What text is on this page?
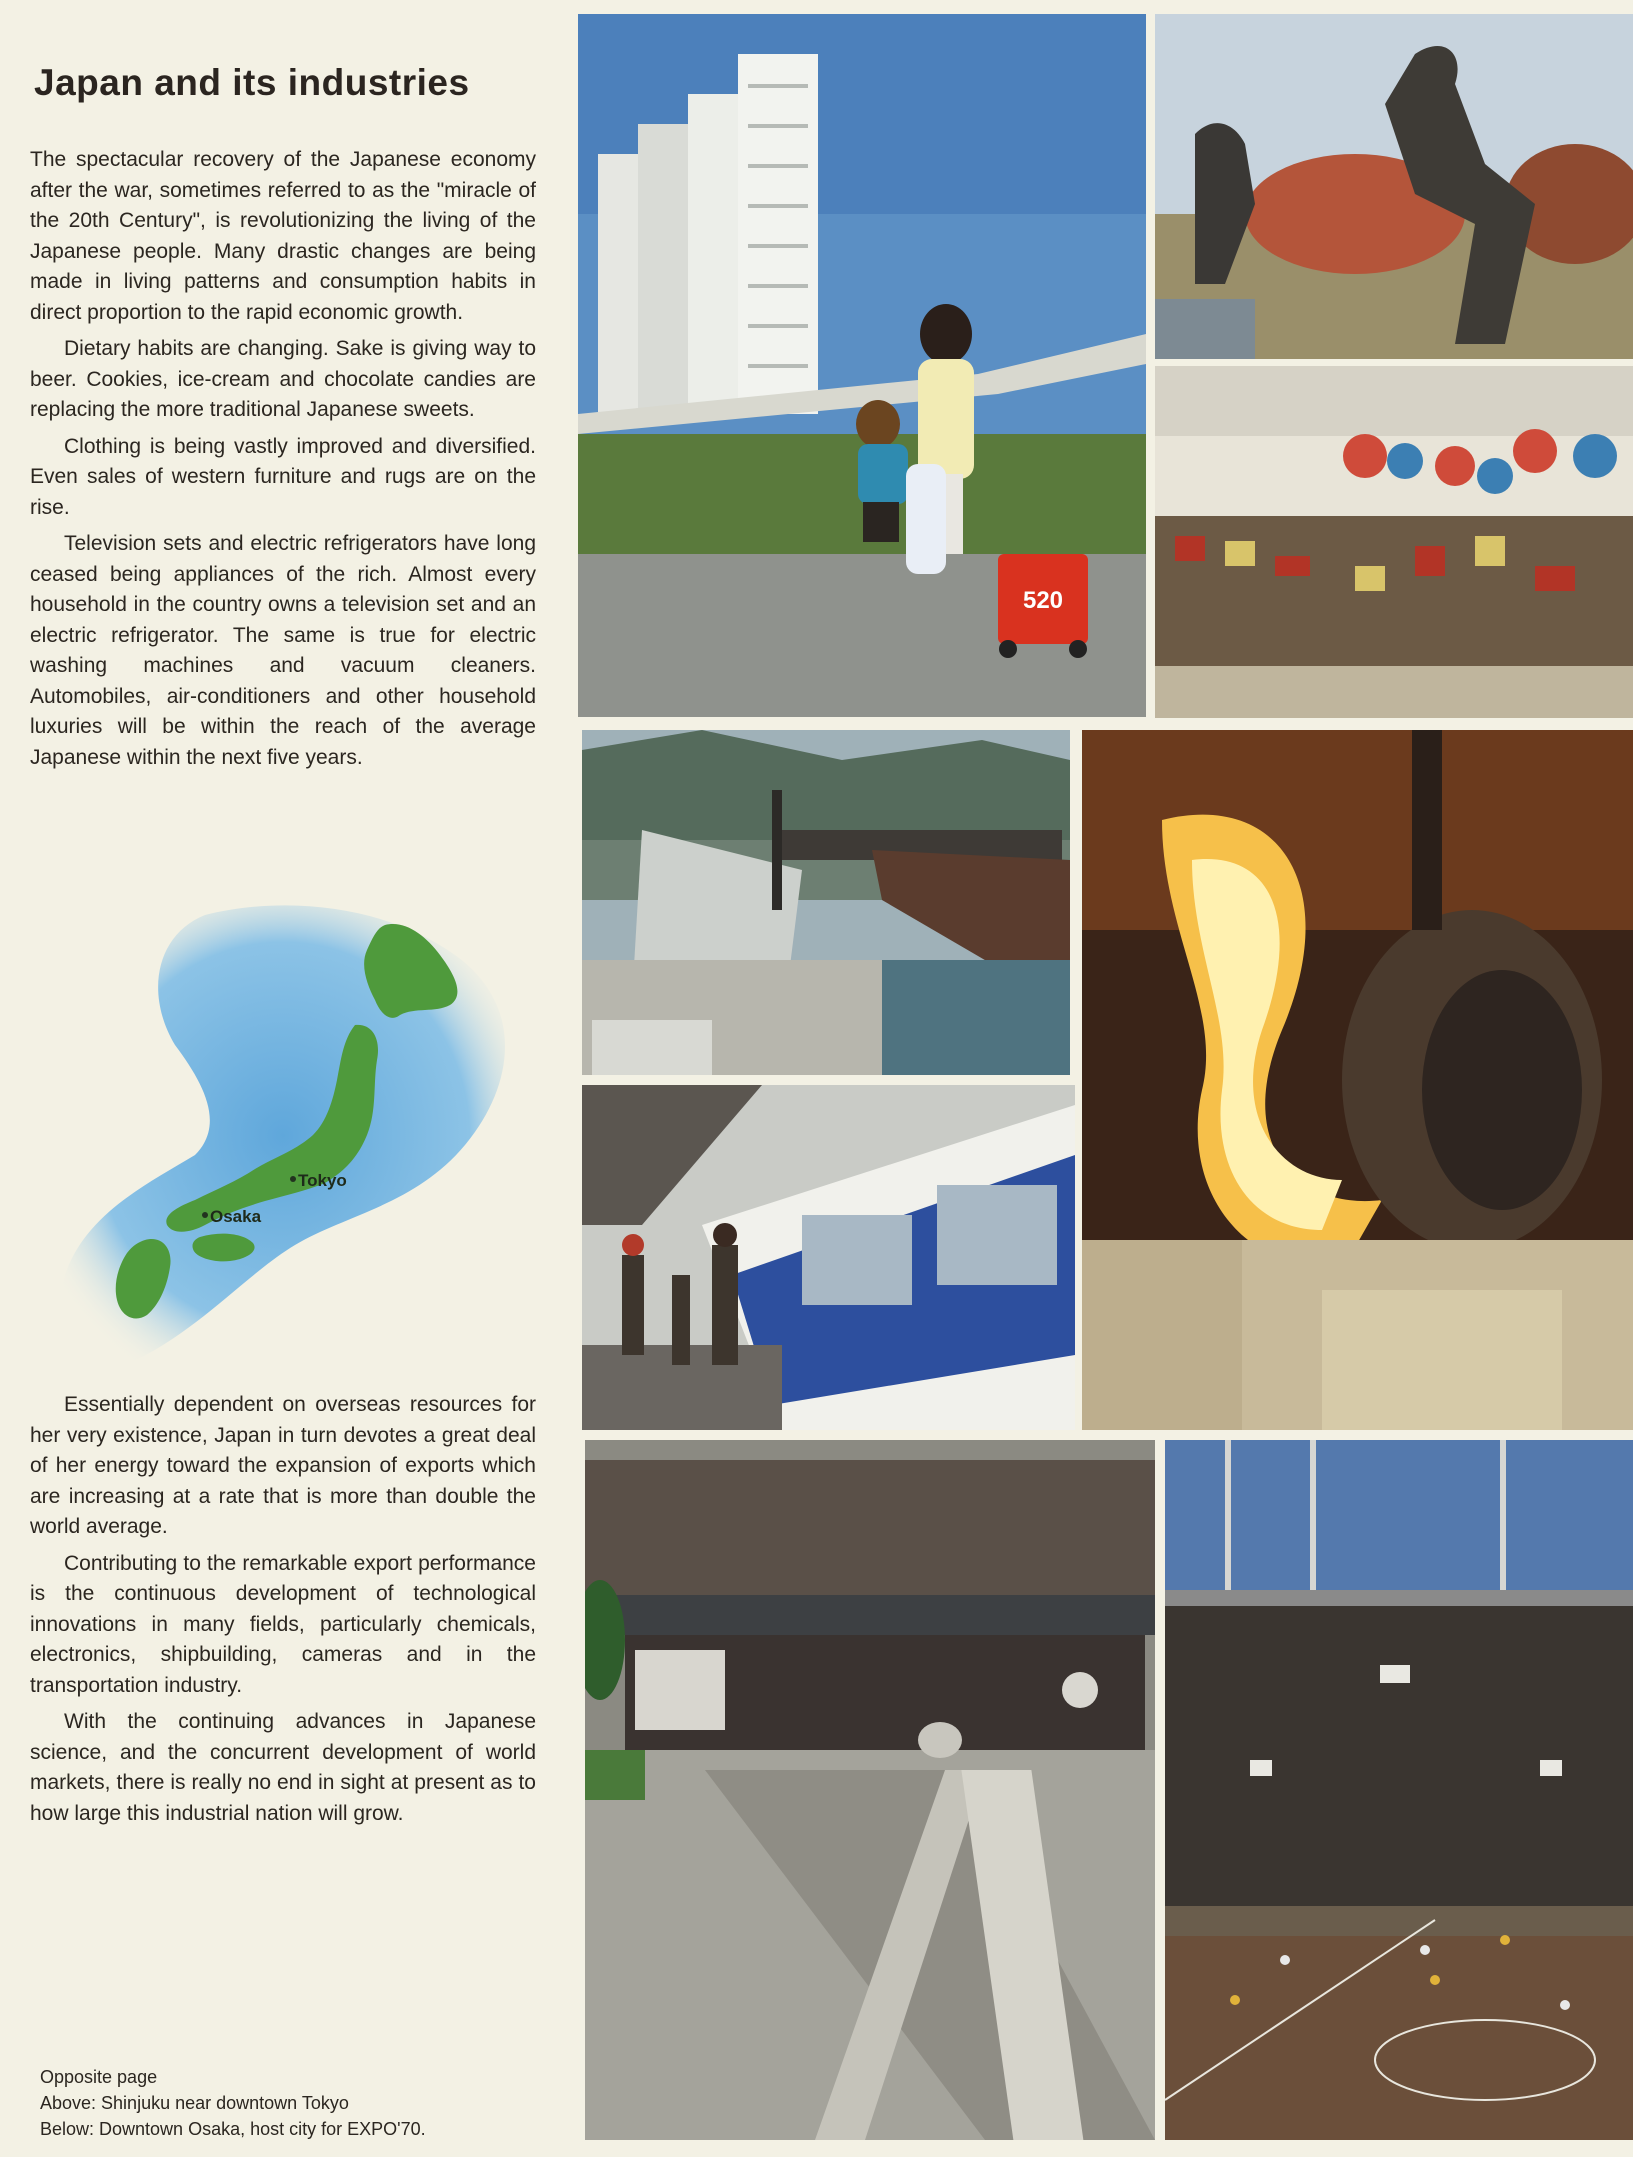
Japan and its industries

The spectacular recovery of the Japanese economy after the war, sometimes referred to as the "miracle of the 20th Century", is revolutionizing the living of the Japanese people. Many drastic changes are being made in living patterns and consumption habits in direct proportion to the rapid economic growth.

Dietary habits are changing. Sake is giving way to beer. Cookies, ice-cream and chocolate candies are replacing the more traditional Japanese sweets.

Clothing is being vastly improved and diversified. Even sales of western furniture and rugs are on the rise.

Television sets and electric refrigerators have long ceased being appliances of the rich. Almost every household in the country owns a television set and an electric refrigerator. The same is true for electric washing machines and vacuum cleaners. Automobiles, air-conditioners and other household luxuries will be within the reach of the average Japanese within the next five years.

Tokyo
Osaka

Essentially dependent on overseas resources for her very existence, Japan in turn devotes a great deal of her energy toward the expansion of exports which are increasing at a rate that is more than double the world average.

Contributing to the remarkable export performance is the continuous development of technological innovations in many fields, particularly chemicals, electronics, shipbuilding, cameras and in the transportation industry.

With the continuing advances in Japanese science, and the concurrent development of world markets, there is really no end in sight at present as to how large this industrial nation will grow.

Opposite page
Above: Shinjuku near downtown Tokyo
Below: Downtown Osaka, host city for EXPO'70.
520
